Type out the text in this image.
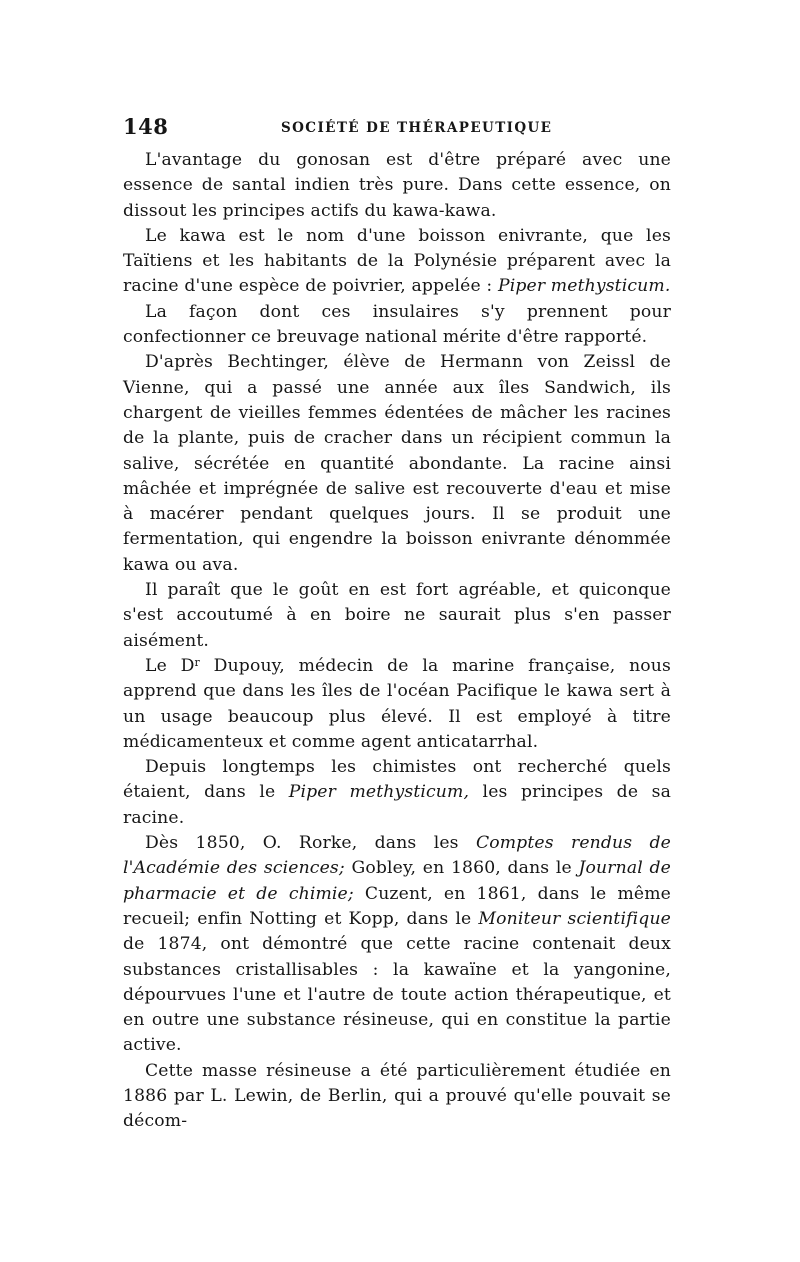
148	SOCIÉTÉ DE THÉRAPEUTIQUE

L'avantage du gonosan est d'être préparé avec une essence de santal indien très pure. Dans cette essence, on dissout les principes actifs du kawa-kawa.

Le kawa est le nom d'une boisson enivrante, que les Taïtiens et les habitants de la Polynésie préparent avec la racine d'une espèce de poivrier, appelée : Piper methysticum.

La façon dont ces insulaires s'y prennent pour confectionner ce breuvage national mérite d'être rapporté.

D'après Bechtinger, élève de Hermann von Zeissl de Vienne, qui a passé une année aux îles Sandwich, ils chargent de vieilles femmes édentées de mâcher les racines de la plante, puis de cracher dans un récipient commun la salive, sécrétée en quantité abondante. La racine ainsi mâchée et imprégnée de salive est recouverte d'eau et mise à macérer pendant quelques jours. Il se produit une fermentation, qui engendre la boisson enivrante dénommée kawa ou ava.

Il paraît que le goût en est fort agréable, et quiconque s'est accoutumé à en boire ne saurait plus s'en passer aisément.

Le $D^r$ Dupouy, médecin de la marine française, nous apprend que dans les îles de l'océan Pacifique le kawa sert à un usage beaucoup plus élevé. Il est employé à titre médicamenteux et comme agent anticatarrhal.

Depuis longtemps les chimistes ont recherché quels étaient, dans le Piper methysticum, les principes de sa racine.

Dès 1850, O. Rorke, dans les Comptes rendus de l'Académie des sciences; Gobley, en 1860, dans le Journal de pharmacie et de chimie; Cuzent, en 1861, dans le même recueil; enfin Notting et Kopp, dans le Moniteur scientifique de 1874, ont démontré que cette racine contenait deux substances cristallisables : la kawaïne et la yangonine, dépourvues l'une et l'autre de toute action thérapeutique, et en outre une substance résineuse, qui en constitue la partie active.

Cette masse résineuse a été particulièrement étudiée en 1886 par L. Lewin, de Berlin, qui a prouvé qu'elle pouvait se décom-
